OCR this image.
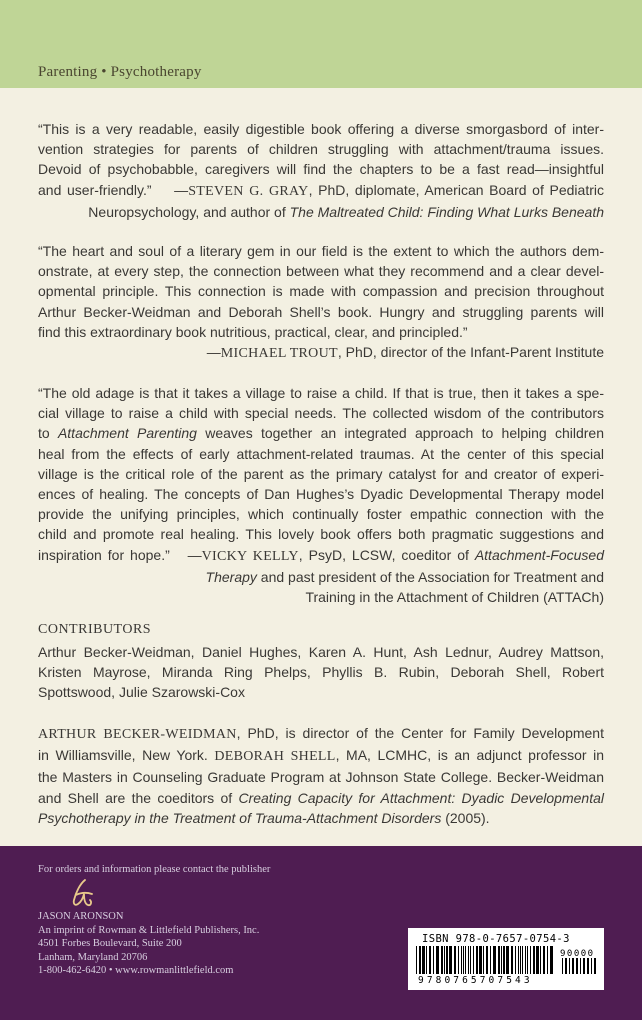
Parenting • Psychotherapy
“This is a very readable, easily digestible book offering a diverse smorgasbord of inter-
vention strategies for parents of children struggling with attachment/trauma issues.
Devoid of psychobabble, caregivers will find the chapters to be a fast read—insightful
and user-friendly.”    —STEVEN G. GRAY, PhD, diplomate, American Board of Pediatric
Neuropsychology, and author of The Maltreated Child: Finding What Lurks Beneath
“The heart and soul of a literary gem in our field is the extent to which the authors dem-
onstrate, at every step, the connection between what they recommend and a clear devel-
opmental principle. This connection is made with compassion and precision throughout
Arthur Becker-Weidman and Deborah Shell’s book. Hungry and struggling parents will
find this extraordinary book nutritious, practical, clear, and principled.”
—MICHAEL TROUT, PhD, director of the Infant-Parent Institute
“The old adage is that it takes a village to raise a child. If that is true, then it takes a spe-
cial village to raise a child with special needs. The collected wisdom of the contributors
to Attachment Parenting weaves together an integrated approach to helping children
heal from the effects of early attachment-related traumas. At the center of this special
village is the critical role of the parent as the primary catalyst for and creator of experi-
ences of healing. The concepts of Dan Hughes’s Dyadic Developmental Therapy model
provide the unifying principles, which continually foster empathic connection with the
child and promote real healing. This lovely book offers both pragmatic suggestions and
inspiration for hope.”   —VICKY KELLY, PsyD, LCSW, coeditor of Attachment-Focused
Therapy and past president of the Association for Treatment and
Training in the Attachment of Children (ATTACh)
CONTRIBUTORS
Arthur Becker-Weidman, Daniel Hughes, Karen A. Hunt, Ash Lednur, Audrey Mattson,
Kristen Mayrose, Miranda Ring Phelps, Phyllis B. Rubin, Deborah Shell, Robert
Spottswood, Julie Szarowski-Cox
ARTHUR BECKER-WEIDMAN, PhD, is director of the Center for Family Development
in Williamsville, New York. DEBORAH SHELL, MA, LCMHC, is an adjunct professor in
the Masters in Counseling Graduate Program at Johnson State College. Becker-Weidman
and Shell are the coeditors of Creating Capacity for Attachment: Dyadic Developmental
Psychotherapy in the Treatment of Trauma-Attachment Disorders (2005).
For orders and information please contact the publisher
JASON ARONSON
An imprint of Rowman & Littlefield Publishers, Inc.
4501 Forbes Boulevard, Suite 200
Lanham, Maryland 20706
1-800-462-6420 • www.rowmanlittlefield.com
ISBN 978-0-7657-0754-3
90000
9780765707543
